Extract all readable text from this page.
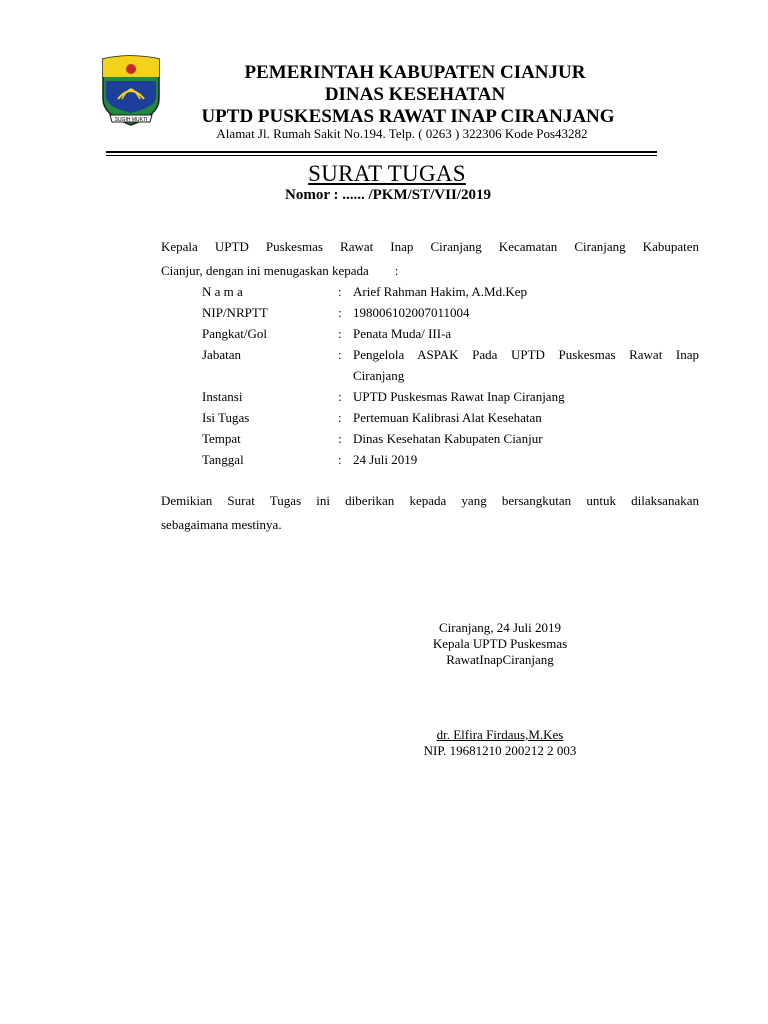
SUGIH MUKTI
PEMERINTAH KABUPATEN CIANJUR
DINAS KESEHATAN
UPTD PUSKESMAS RAWAT INAP CIRANJANG
Alamat Jl. Rumah Sakit No.194. Telp. ( 0263 ) 322306 Kode Pos43282
SURAT TUGAS
Nomor : ...... /PKM/ST/VII/2019
Kepala UPTD Puskesmas Rawat Inap Ciranjang Kecamatan Ciranjang Kabupaten
Cianjur, dengan ini menugaskan kepada        :
N a m a	: Arief Rahman Hakim, A.Md.Kep
NIP/NRPTT	: 198006102007011004
Pangkat/Gol	: Penata Muda/ III-a
Jabatan	: Pengelola ASPAK Pada UPTD Puskesmas Rawat Inap
Ciranjang
Instansi	: UPTD Puskesmas Rawat Inap Ciranjang
Isi Tugas	: Pertemuan Kalibrasi Alat Kesehatan
Tempat	: Dinas Kesehatan Kabupaten Cianjur
Tanggal	: 24 Juli 2019
Demikian Surat Tugas ini diberikan kepada yang bersangkutan untuk dilaksanakan
sebagaimana mestinya.
Ciranjang, 24 Juli 2019
Kepala UPTD Puskesmas
RawatInapCiranjang
dr. Elfira Firdaus,M.Kes
NIP. 19681210 200212 2 003
